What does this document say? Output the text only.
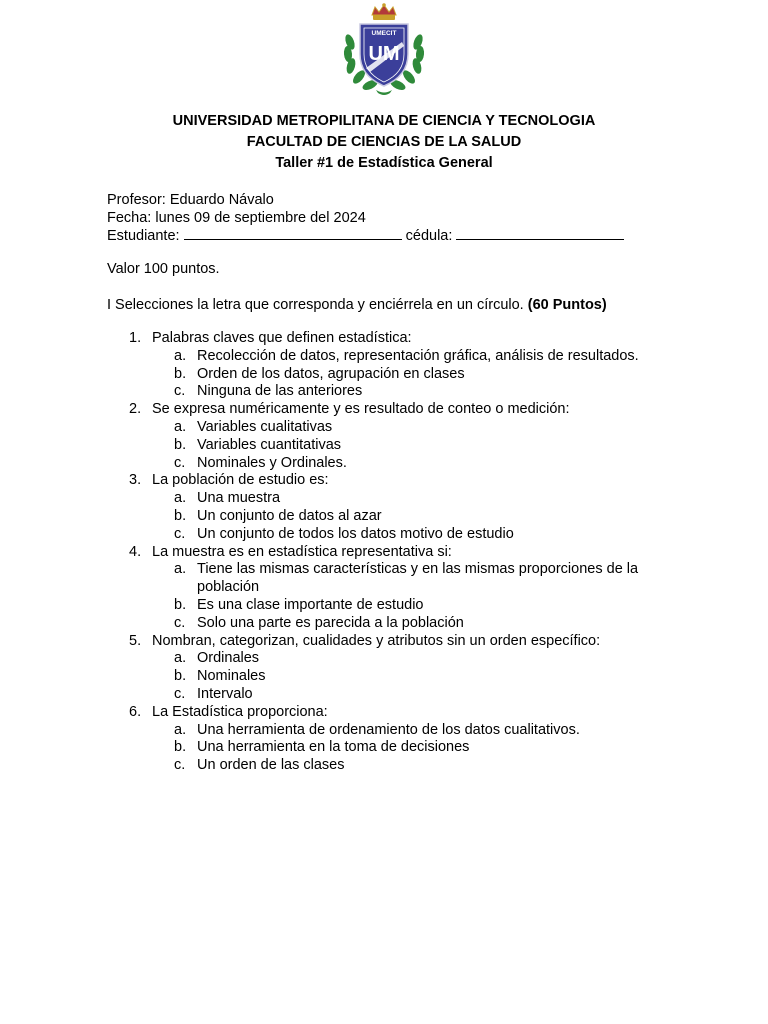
UMECIT
UM
UNIVERSIDAD METROPILITANA DE CIENCIA Y TECNOLOGIA
FACULTAD DE CIENCIAS DE LA SALUD
Taller #1 de Estadística General
Profesor: Eduardo Návalo
Fecha: lunes 09 de septiembre del 2024
Estudiante:	cédula:
Valor 100 puntos.
I Selecciones la letra que corresponda y enciérrela en un círculo. (60 Puntos)
1. Palabras claves que definen estadística:
a. Recolección de datos, representación gráfica, análisis de resultados.
b. Orden de los datos, agrupación en clases
c. Ninguna de las anteriores
2. Se expresa numéricamente y es resultado de conteo o medición:
a. Variables cualitativas
b. Variables cuantitativas
c. Nominales y Ordinales.
3. La población de estudio es:
a. Una muestra
b. Un conjunto de datos al azar
c. Un conjunto de todos los datos motivo de estudio
4. La muestra es en estadística representativa si:
a. Tiene las mismas características y en las mismas proporciones de la población
b. Es una clase importante de estudio
c. Solo una parte es parecida a la población
5. Nombran, categorizan, cualidades y atributos sin un orden específico:
a. Ordinales
b. Nominales
c. Intervalo
6. La Estadística proporciona:
a. Una herramienta de ordenamiento de los datos cualitativos.
b. Una herramienta en la toma de decisiones
c. Un orden de las clases
